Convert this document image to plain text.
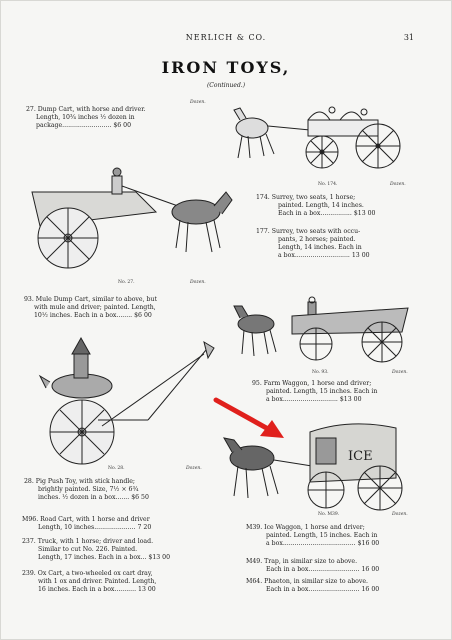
NERLICH & CO.	31
IRON TOYS,
(Continued.)
27. Dump Cart, with horse and driver.
Length, 10¾ inches ½ dozen in
package......................... $6 00
Dozen.
174. Surrey, two seats, 1 horse;
painted. Length, 14 inches.
Each in a box................ $13 00
177. Surrey, two seats with occu-
pants, 2 horses; painted.
Length, 14 inches. Each in
a box............................ 13 00
93. Mule Dump Cart, similar to above, but
with mule and driver; painted. Length,
10½ inches. Each in a box........ $6 00
95. Farm Waggon, 1 horse and driver;
painted. Length, 15 inches. Each in
a box............................ $13 00
28. Pig Push Toy, with stick handle;
brightly painted. Size, 7½ × 6¾
inches. ½ dozen in a box....... $6 50
M96. Road Cart, with 1 horse and driver
Length, 10 inches..................... 7 20
237. Truck, with 1 horse; driver and load.
Similar to cut No. 226. Painted.
Length, 17 inches. Each in a box... $13 00
239. Ox Cart, a two-wheeled ox cart dray,
with 1 ox and driver. Painted. Length,
16 inches. Each in a box........... 13 00
M39. Ice Waggon, 1 horse and driver;
painted. Length, 15 inches. Each in
a box..................................... $16 00
M49. Trap, in similar size to above.
Each in a box.......................... 16 00
M64. Phaeton, in similar size to above.
Each in a box.......................... 16 00
No. 174.	Dozen.
No. 27.	Dozen.
No. 93.	Dozen.
No. 28.	Dozen.
No. M39.	Dozen.
ICE
